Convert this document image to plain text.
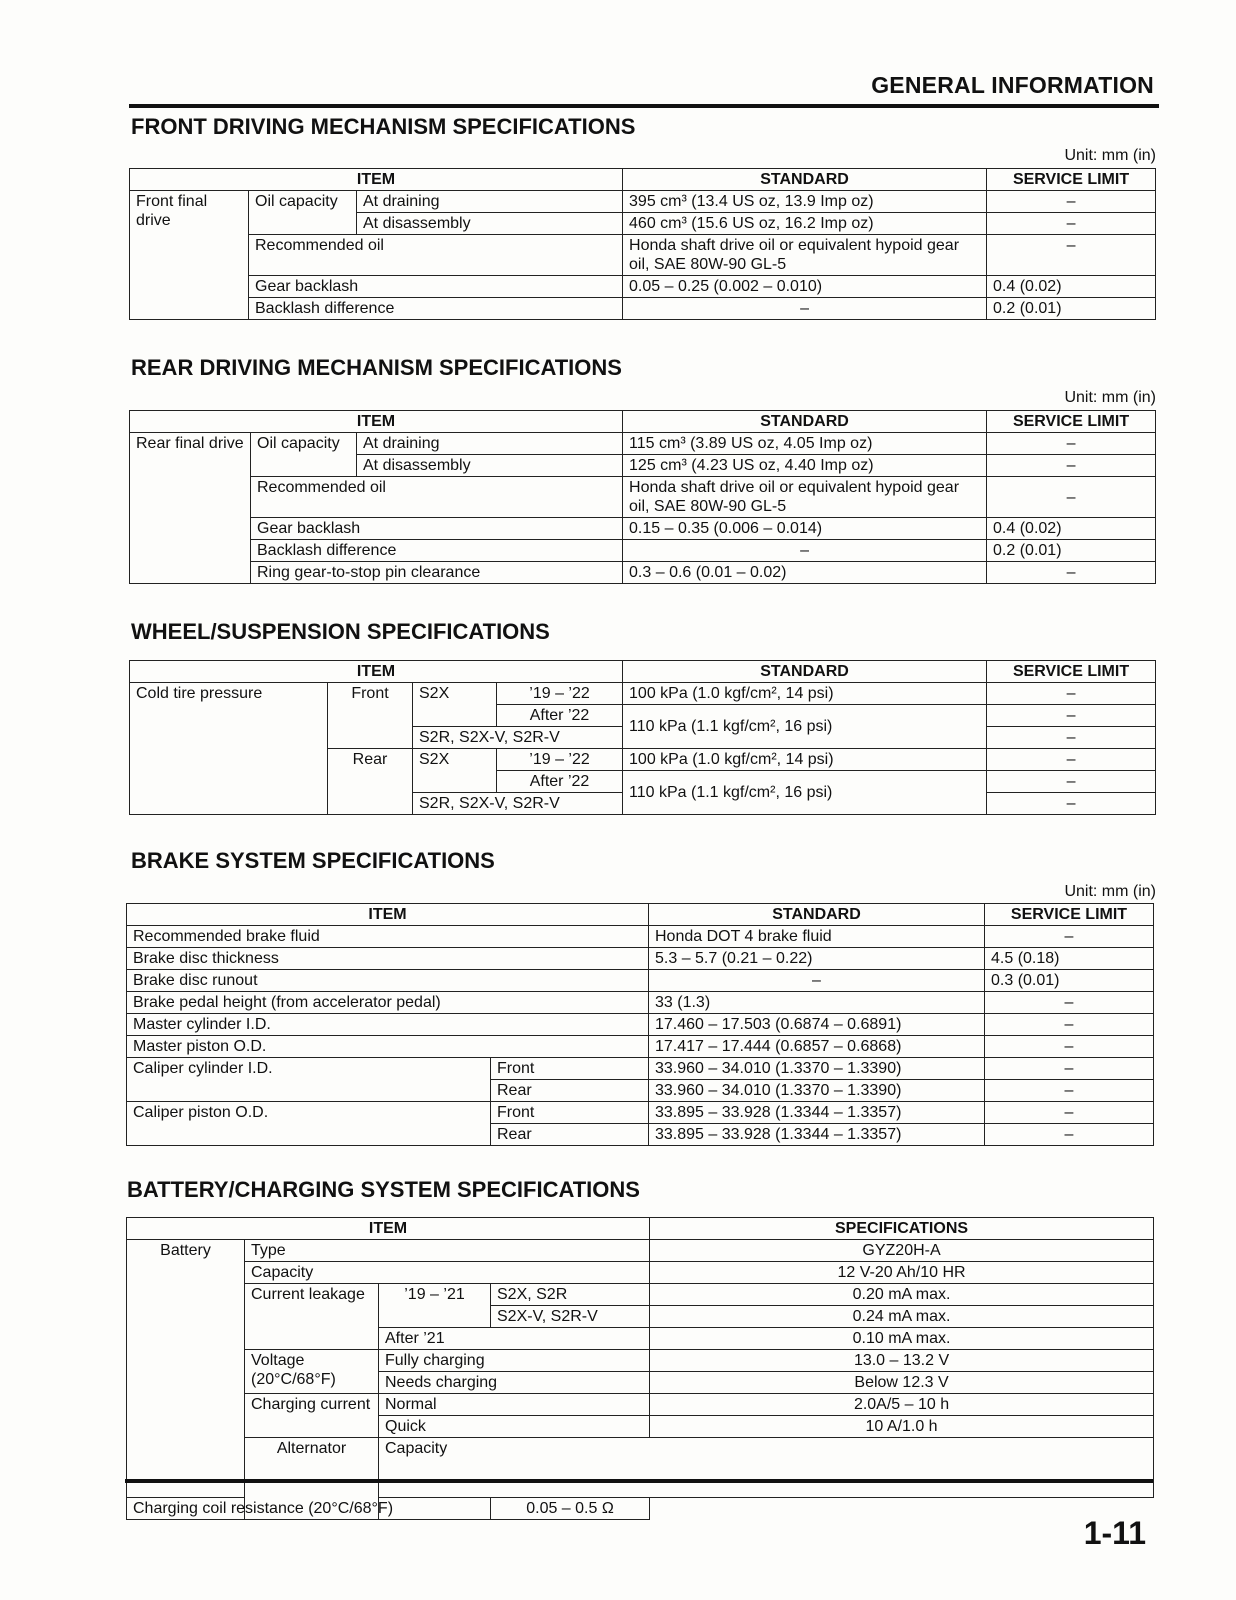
GENERAL INFORMATION
FRONT DRIVING MECHANISM SPECIFICATIONS
Unit: mm (in)
ITEM			STANDARD	SERVICE LIMIT
Front final drive	Oil capacity	At draining	395 cm³ (13.4 US oz, 13.9 Imp oz)	–
		At disassembly	460 cm³ (15.6 US oz, 16.2 Imp oz)	–
	Recommended oil		Honda shaft drive oil or equivalent hypoid gear oil, SAE 80W-90 GL-5	–
	Gear backlash		0.05 – 0.25 (0.002 – 0.010)	0.4 (0.02)
	Backlash difference		–	0.2 (0.01)
REAR DRIVING MECHANISM SPECIFICATIONS
Unit: mm (in)
ITEM			STANDARD	SERVICE LIMIT
Rear final drive	Oil capacity	At draining	115 cm³ (3.89 US oz, 4.05 Imp oz)	–
		At disassembly	125 cm³ (4.23 US oz, 4.40 Imp oz)	–
	Recommended oil		Honda shaft drive oil or equivalent hypoid gear oil, SAE 80W-90 GL-5	–
	Gear backlash		0.15 – 0.35 (0.006 – 0.014)	0.4 (0.02)
	Backlash difference		–	0.2 (0.01)
	Ring gear-to-stop pin clearance		0.3 – 0.6 (0.01 – 0.02)	–
WHEEL/SUSPENSION SPECIFICATIONS
ITEM				STANDARD	SERVICE LIMIT
Cold tire pressure	Front	S2X	’19 – ’22	100 kPa (1.0 kgf/cm², 14 psi)	–
			After ’22	110 kPa (1.1 kgf/cm², 16 psi)	–
		S2R, S2X-V, S2R-V			–
	Rear	S2X	’19 – ’22	100 kPa (1.0 kgf/cm², 14 psi)	–
			After ’22	110 kPa (1.1 kgf/cm², 16 psi)	–
		S2R, S2X-V, S2R-V			–
BRAKE SYSTEM SPECIFICATIONS
Unit: mm (in)
ITEM		STANDARD	SERVICE LIMIT
Recommended brake fluid		Honda DOT 4 brake fluid	–
Brake disc thickness		5.3 – 5.7 (0.21 – 0.22)	4.5 (0.18)
Brake disc runout		–	0.3 (0.01)
Brake pedal height (from accelerator pedal)		33 (1.3)	–
Master cylinder I.D.		17.460 – 17.503 (0.6874 – 0.6891)	–
Master piston O.D.		17.417 – 17.444 (0.6857 – 0.6868)	–
Caliper cylinder I.D.	Front	33.960 – 34.010 (1.3370 – 1.3390)	–
	Rear	33.960 – 34.010 (1.3370 – 1.3390)	–
Caliper piston O.D.	Front	33.895 – 33.928 (1.3344 – 1.3357)	–
	Rear	33.895 – 33.928 (1.3344 – 1.3357)	–
BATTERY/CHARGING SYSTEM SPECIFICATIONS
ITEM				SPECIFICATIONS	
Battery	Type			GYZ20H-A	
	Capacity			12 V-20 Ah/10 HR	
	Current leakage	’19 – ’21	S2X, S2R	0.20 mA max.	
			S2X-V, S2R-V	0.24 mA max.	
		After ’21		0.10 mA max.	
	Voltage (20°C/68°F)	Fully charging		13.0 – 13.2 V	
		Needs charging		Below 12.3 V	
	Charging current	Normal		2.0A/5 – 10 h	
		Quick		10 A/1.0 h	
	Alternator	Capacity	
Charging coil resistance (20°C/68°F)			0.05 – 0.5 Ω		
1-11
